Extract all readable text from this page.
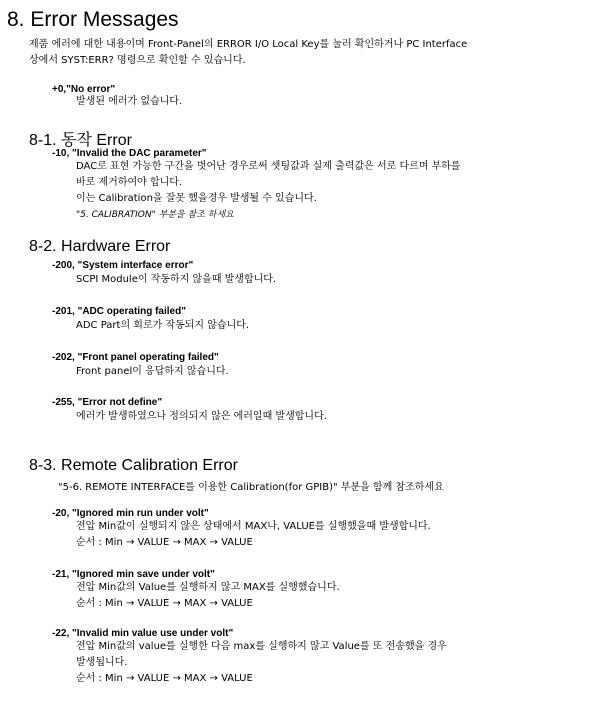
8. Error Messages
제품 에러에 대한 내용이며 Front-Panel의 ERROR I/O Local Key를 눌러 확인하거나 PC Interface
상에서 SYST:ERR? 명령으로 확인할 수 있습니다.
+0,"No error"
발생된 에러가 없습니다.
8-1. 동작 Error
-10, "Invalid the DAC parameter"
DAC로 표현 가능한 구간을 벗어난 경우로써 셋팅값과 실제 출력값은 서로 다르며 부하를
바로 제거하여야 합니다.
이는 Calibration을 잘못 했을경우 발생될 수 있습니다.
"5. CALIBRATION" 부분을 참조 하세요
8-2. Hardware Error
-200, "System interface error"
SCPI Module이 작동하지 않을때 발생합니다.
-201, "ADC operating failed"
ADC Part의 회로가 작동되지 않습니다.
-202, "Front panel operating failed"
Front panel이 응답하지 않습니다.
-255, "Error not define"
에러가 발생하였으나 정의되지 않은 에러일때 발생합니다.
8-3. Remote Calibration Error
"5-6. REMOTE INTERFACE를 이용한 Calibration(for GPIB)" 부분을 함께 참조하세요
-20, "Ignored min run under volt"
전압 Min값이 실행되지 않은 상태에서 MAX나, VALUE를 실행했을때 발생합니다.
순서 : Min → VALUE → MAX → VALUE
-21, "Ignored min save under volt"
전압 Min값의 Value를 실행하지 않고 MAX를 실행했습니다.
순서 : Min → VALUE → MAX → VALUE
-22, "Invalid min value use under volt"
전압 Min값의 value를 실행한 다음 max를 실행하지 않고 Value를 또 전송했을 경우
발생됩니다.
순서 : Min → VALUE → MAX → VALUE
